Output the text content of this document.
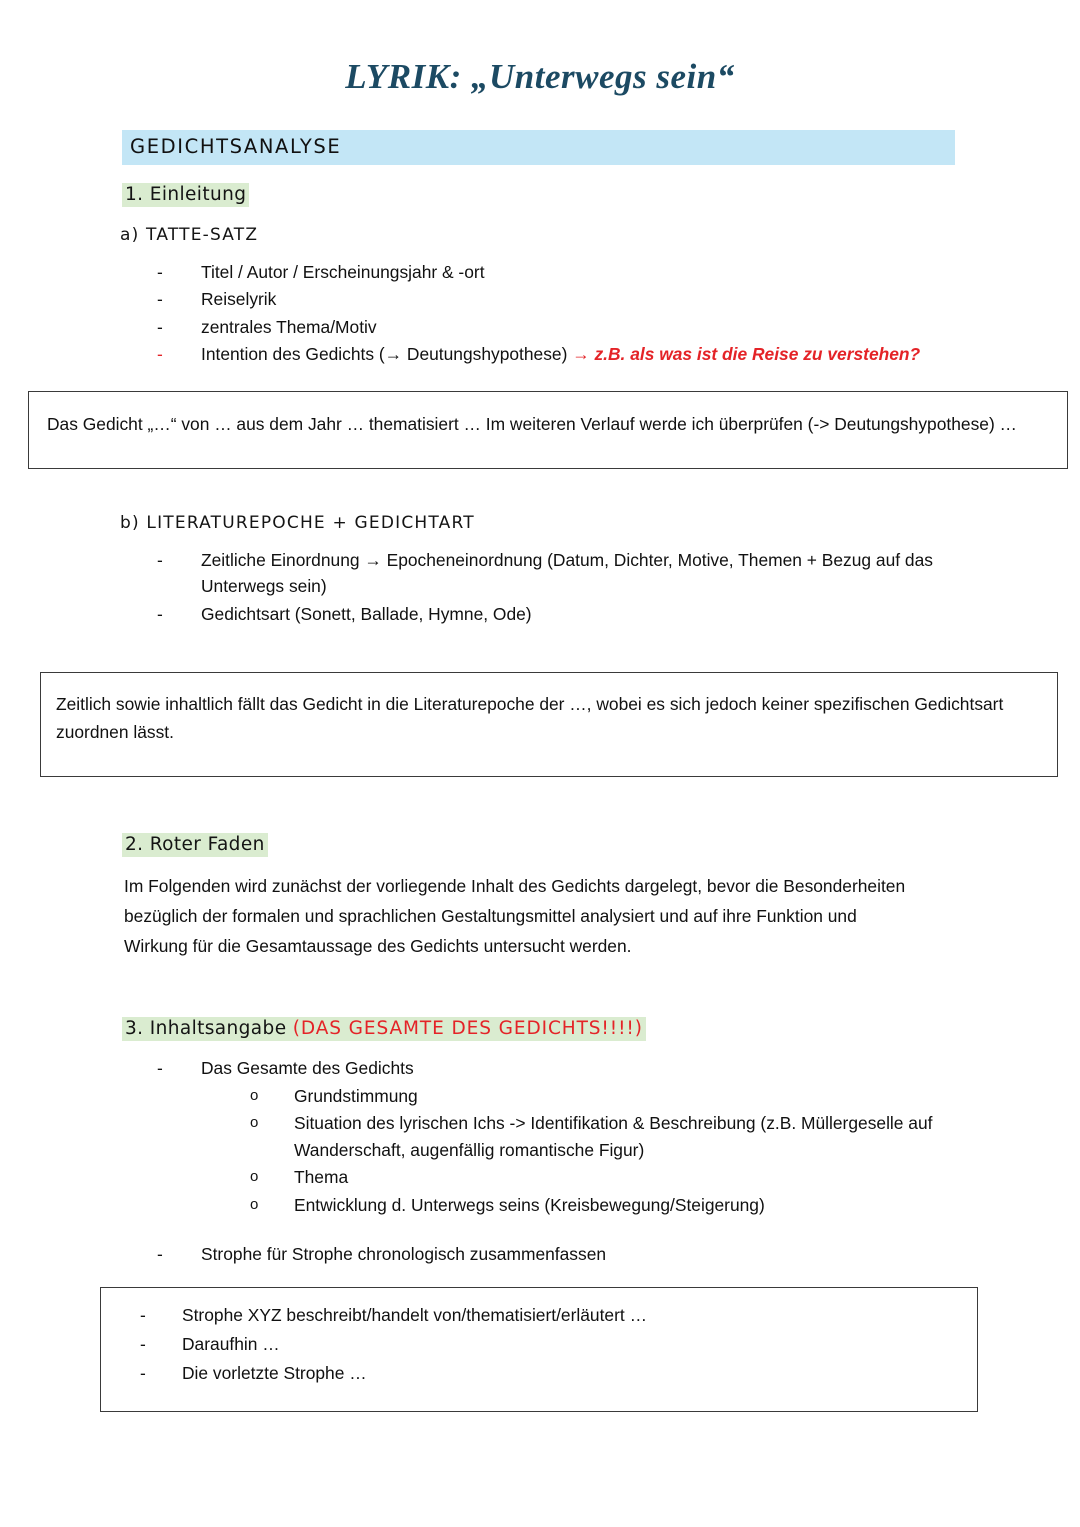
LYRIK: „Unterwegs sein“
GEDICHTSANALYSE
1. Einleitung
a) TATTE-SATZ
- Titel / Autor / Erscheinungsjahr & -ort
- Reiselyrik
- zentrales Thema/Motiv
- Intention des Gedichts (→ Deutungshypothese) → z.B. als was ist die Reise zu verstehen?
Das Gedicht „…“ von … aus dem Jahr … thematisiert … Im weiteren Verlauf werde ich überprüfen (-> Deutungshypothese) …
b) LITERATUREPOCHE + GEDICHTART
- Zeitliche Einordnung → Epocheneinordnung (Datum, Dichter, Motive, Themen + Bezug auf das Unterwegs sein)
- Gedichtsart (Sonett, Ballade, Hymne, Ode)
Zeitlich sowie inhaltlich fällt das Gedicht in die Literaturepoche der …, wobei es sich jedoch keiner spezifischen Gedichtsart zuordnen lässt.
2. Roter Faden
Im Folgenden wird zunächst der vorliegende Inhalt des Gedichts dargelegt, bevor die Besonderheiten bezüglich der formalen und sprachlichen Gestaltungsmittel analysiert und auf ihre Funktion und Wirkung für die Gesamtaussage des Gedichts untersucht werden.
3. Inhaltsangabe (DAS GESAMTE DES GEDICHTS!!!!)
- Das Gesamte des Gedichts
o Grundstimmung
o Situation des lyrischen Ichs -> Identifikation & Beschreibung (z.B. Müllergeselle auf Wanderschaft, augenfällig romantische Figur)
o Thema
o Entwicklung d. Unterwegs seins (Kreisbewegung/Steigerung)
- Strophe für Strophe chronologisch zusammenfassen
- Strophe XYZ beschreibt/handelt von/thematisiert/erläutert …
- Daraufhin …
- Die vorletzte Strophe …
